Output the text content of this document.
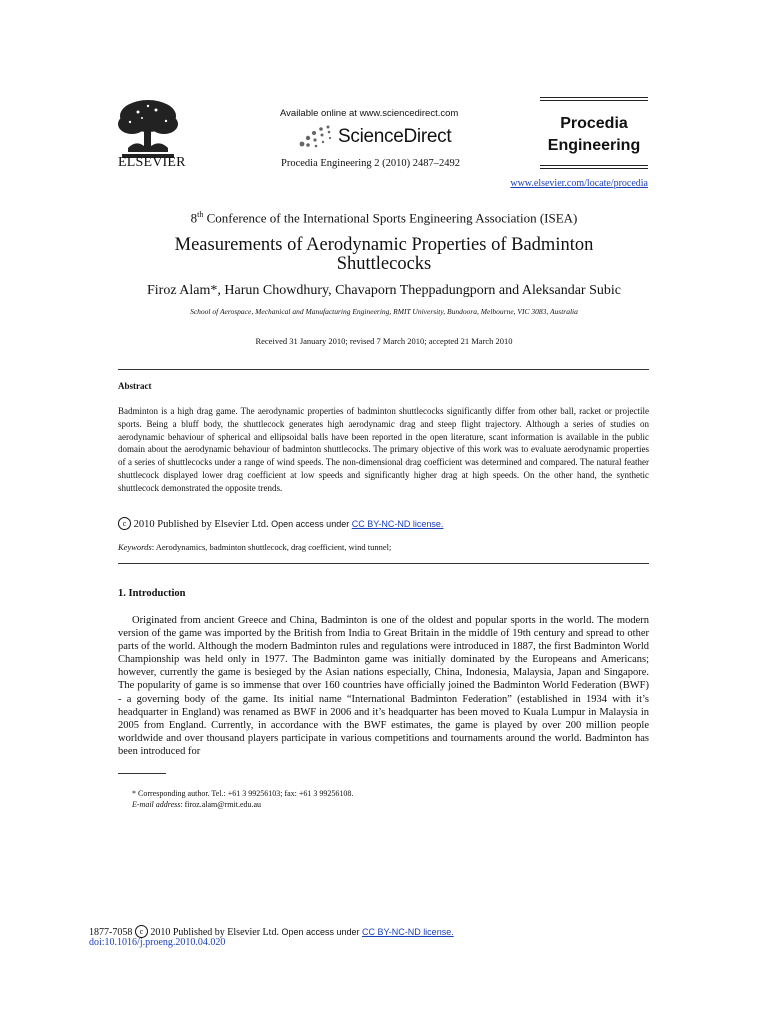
ELSEVIER
Available online at www.sciencedirect.com
ScienceDirect
Procedia Engineering 2 (2010) 2487–2492
Procedia
Engineering
www.elsevier.com/locate/procedia
8th Conference of the International Sports Engineering Association (ISEA)
Measurements of Aerodynamic Properties of Badminton
Shuttlecocks
Firoz Alam*, Harun Chowdhury, Chavaporn Theppadungporn and Aleksandar Subic
School of Aerospace, Mechanical and Manufacturing Engineering, RMIT University, Bundoora, Melbourne, VIC 3083, Australia
Received 31 January 2010; revised 7 March 2010; accepted 21 March 2010
Abstract
Badminton is a high drag game. The aerodynamic properties of badminton shuttlecocks significantly differ from other ball, racket or projectile sports. Being a bluff body, the shuttlecock generates high aerodynamic drag and steep flight trajectory. Although a series of studies on aerodynamic behaviour of spherical and ellipsoidal balls have been reported in the open literature, scant information is available in the public domain about the aerodynamic behaviour of badminton shuttlecocks. The primary objective of this work was to evaluate aerodynamic properties of a series of shuttlecocks under a range of wind speeds. The non-dimensional drag coefficient was determined and compared. The natural feather shuttlecock displayed lower drag coefficient at low speeds and significantly higher drag at high speeds. On the other hand, the synthetic shuttlecock demonstrated the opposite trends.
c 2010 Published by Elsevier Ltd. Open access under CC BY-NC-ND license.
Keywords: Aerodynamics, badminton shuttlecock, drag coefficient, wind tunnel;
1. Introduction
Originated from ancient Greece and China, Badminton is one of the oldest and popular sports in the world. The modern version of the game was imported by the British from India to Great Britain in the middle of 19th century and spread to other parts of the world. Although the modern Badminton rules and regulations were introduced in 1887, the first Badminton World Championship was held only in 1977. The Badminton game was initially dominated by the Europeans and Americans; however, currently the game is besieged by the Asian nations especially, China, Indonesia, Malaysia, Japan and Singapore. The popularity of game is so immense that over 160 countries have officially joined the Badminton World Federation (BWF) - a governing body of the game. Its initial name “International Badminton Federation” (established in 1934 with it’s headquarter in England) was renamed as BWF in 2006 and it’s headquarter has been moved to Kuala Lumpur in Malaysia in 2005 from England. Currently, in accordance with the BWF estimates, the game is played by over 200 million people worldwide and over thousand players participate in various competitions and tournaments around the world. Badminton has been introduced for
* Corresponding author. Tel.: +61 3 99256103; fax: +61 3 99256108.
E-mail address: firoz.alam@rmit.edu.au
1877-7058 c 2010 Published by Elsevier Ltd. Open access under CC BY-NC-ND license.
doi:10.1016/j.proeng.2010.04.020
